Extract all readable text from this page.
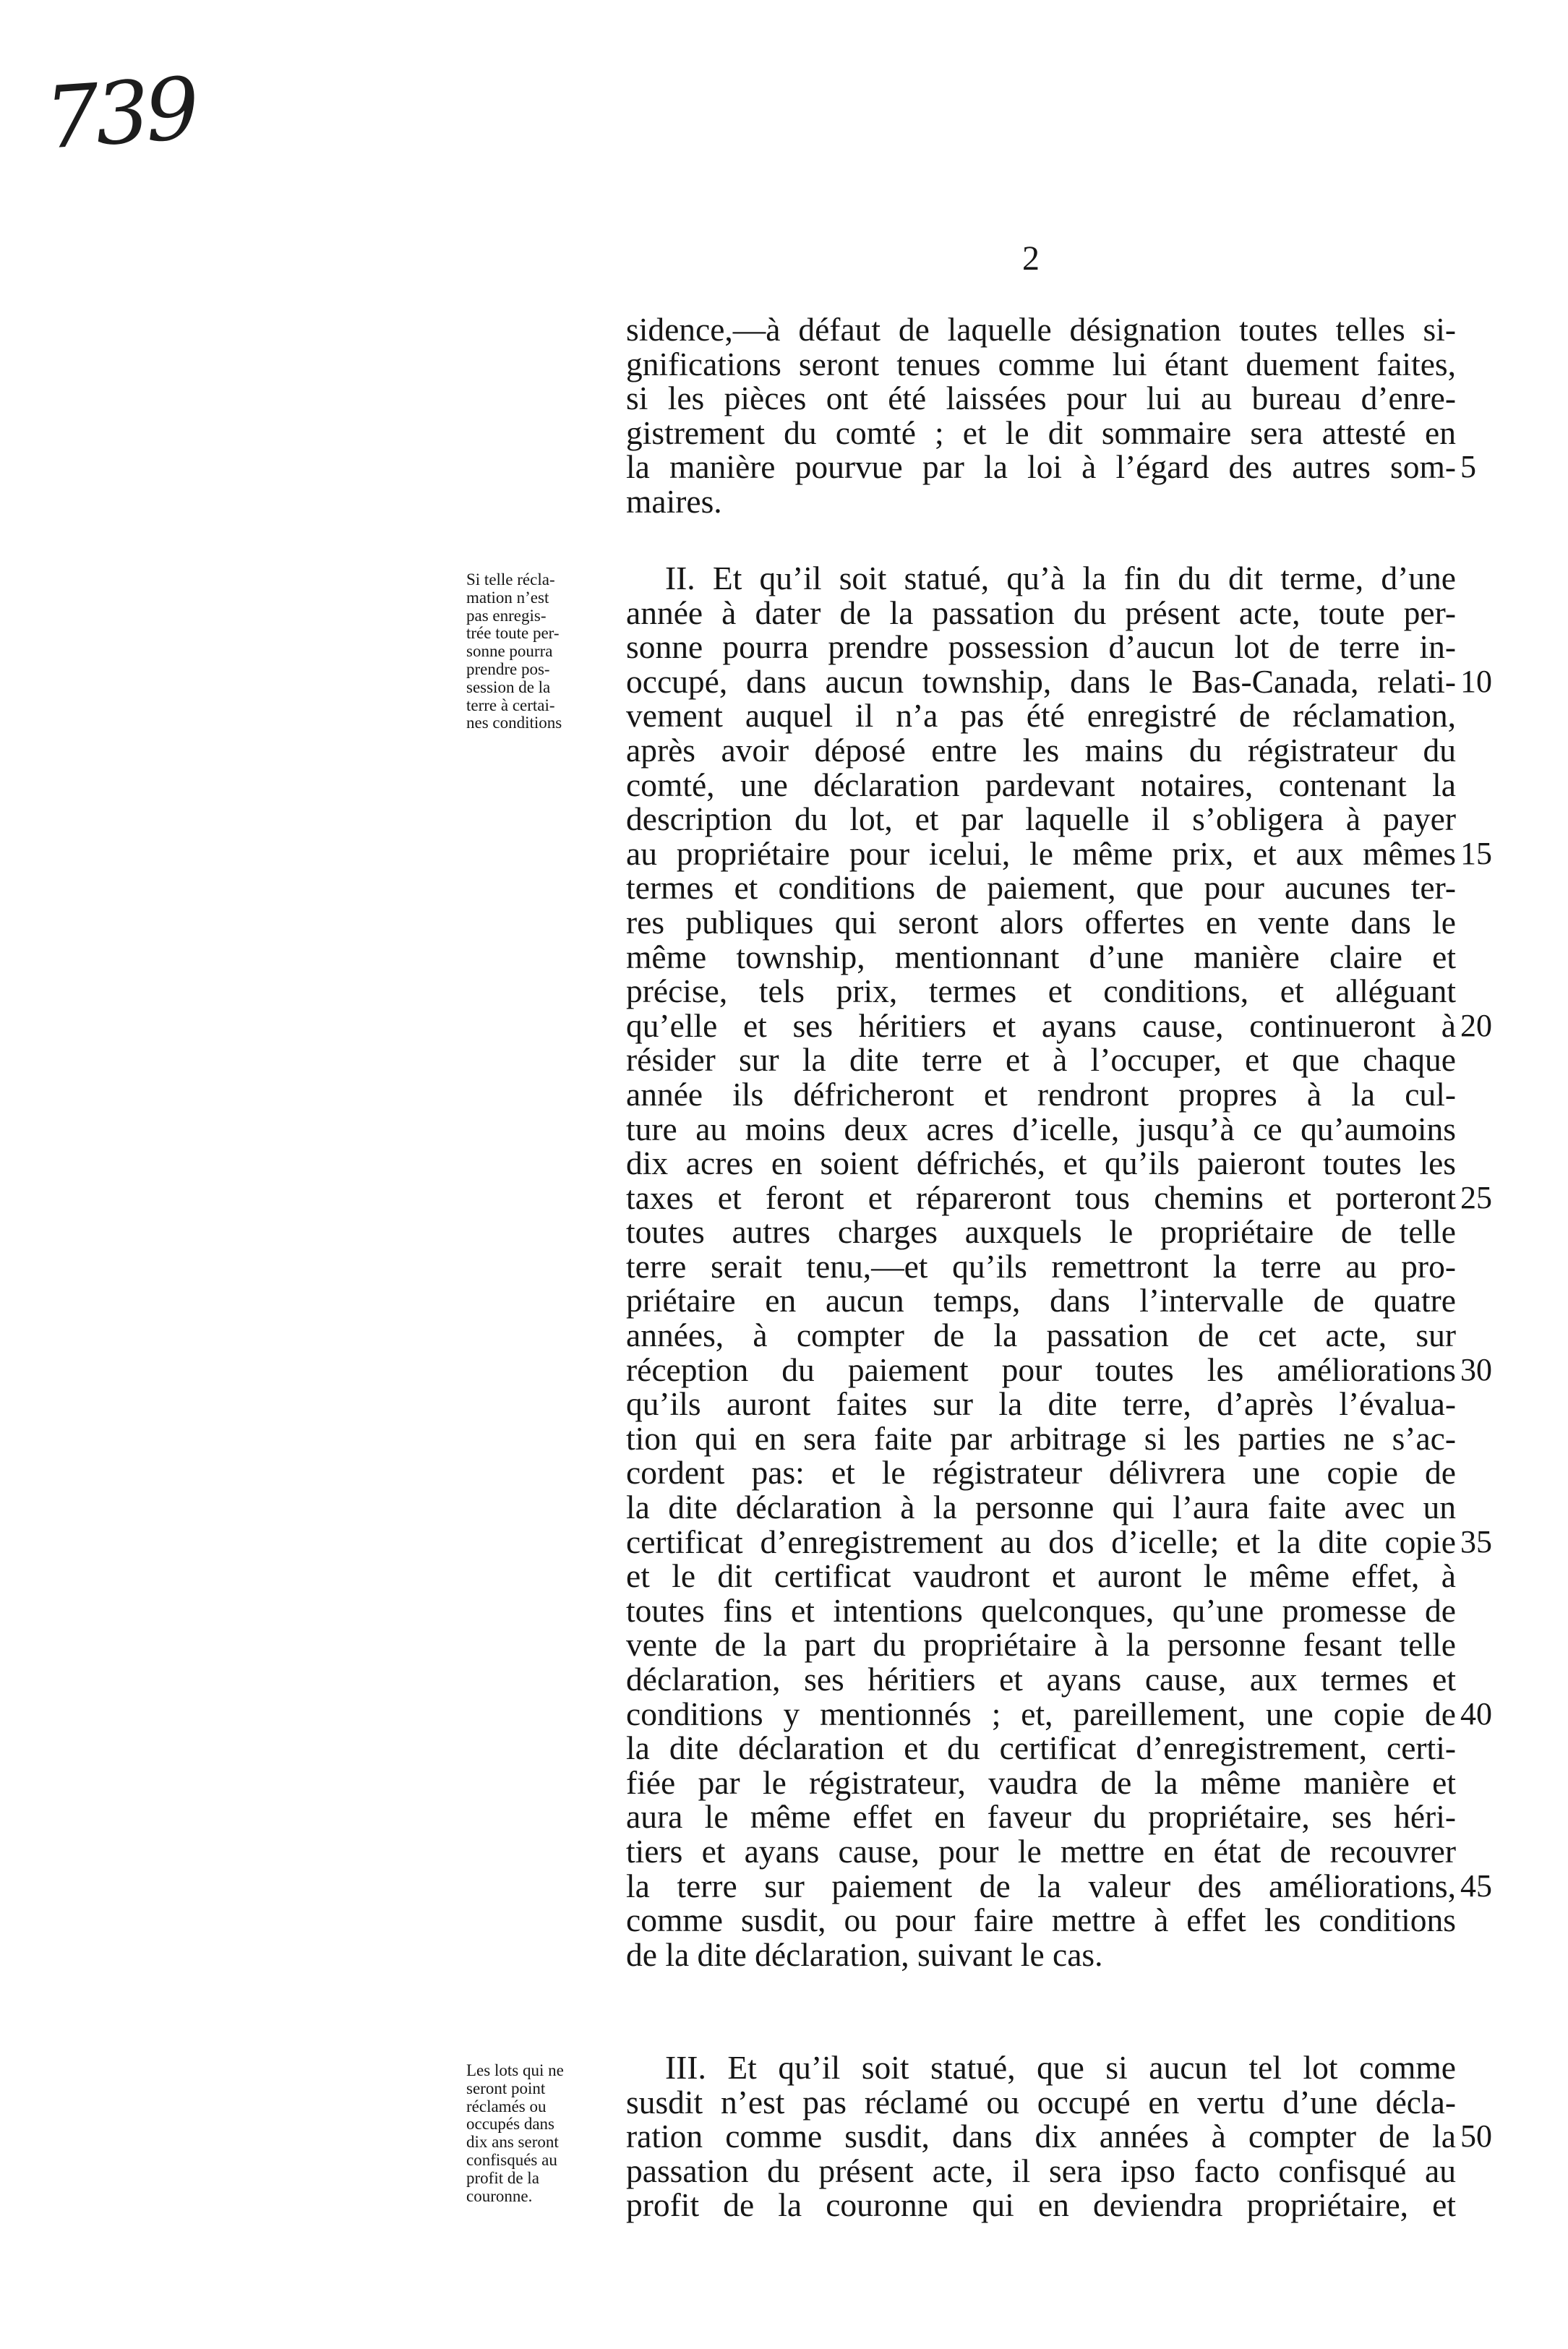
739
2
sidence,—à défaut de laquelle désignation toutes telles si-
gnifications seront tenues comme lui étant duement faites,
si les pièces ont été laissées pour lui au bureau d’enre-
gistrement du comté ; et le dit sommaire sera attesté en
la manière pourvue par la loi à l’égard des autres som-
maires.
Si telle récla-
mation n’est
pas enregis-
trée toute per-
sonne pourra
prendre pos-
session de la
terre à certai-
nes conditions
II. Et qu’il soit statué, qu’à la fin du dit terme, d’une
année à dater de la passation du présent acte, toute per-
sonne pourra prendre possession d’aucun lot de terre in-
occupé, dans aucun township, dans le Bas-Canada, relati-
vement auquel il n’a pas été enregistré de réclamation,
après avoir déposé entre les mains du régistrateur du
comté, une déclaration pardevant notaires, contenant la
description du lot, et par laquelle il s’obligera à payer
au propriétaire pour icelui, le même prix, et aux mêmes
termes et conditions de paiement, que pour aucunes ter-
res publiques qui seront alors offertes en vente dans le
même township, mentionnant d’une manière claire et
précise, tels prix, termes et conditions, et alléguant
qu’elle et ses héritiers et ayans cause, continueront à
résider sur la dite terre et à l’occuper, et que chaque
année ils défricheront et rendront propres à la cul-
ture au moins deux acres d’icelle, jusqu’à ce qu’aumoins
dix acres en soient défrichés, et qu’ils paieront toutes les
taxes et feront et répareront tous chemins et porteront
toutes autres charges auxquels le propriétaire de telle
terre serait tenu,—et qu’ils remettront la terre au pro-
priétaire en aucun temps, dans l’intervalle de quatre
années, à compter de la passation de cet acte, sur
réception du paiement pour toutes les améliorations
qu’ils auront faites sur la dite terre, d’après l’évalua-
tion qui en sera faite par arbitrage si les parties ne s’ac-
cordent pas: et le régistrateur délivrera une copie de
la dite déclaration à la personne qui l’aura faite avec un
certificat d’enregistrement au dos d’icelle; et la dite copie
et le dit certificat vaudront et auront le même effet, à
toutes fins et intentions quelconques, qu’une promesse de
vente de la part du propriétaire à la personne fesant telle
déclaration, ses héritiers et ayans cause, aux termes et
conditions y mentionnés ; et, pareillement, une copie de
la dite déclaration et du certificat d’enregistrement, certi-
fiée par le régistrateur, vaudra de la même manière et
aura le même effet en faveur du propriétaire, ses héri-
tiers et ayans cause, pour le mettre en état de recouvrer
la terre sur paiement de la valeur des améliorations,
comme susdit, ou pour faire mettre à effet les conditions
de la dite déclaration, suivant le cas.
Les lots qui ne
seront point
réclamés ou
occupés dans
dix ans seront
confisqués au
profit de la
couronne.
III. Et qu’il soit statué, que si aucun tel lot comme
susdit n’est pas réclamé ou occupé en vertu d’une décla-
ration comme susdit, dans dix années à compter de la
passation du présent acte, il sera ipso facto confisqué au
profit de la couronne qui en deviendra propriétaire, et
5
10
15
20
25
30
35
40
45
50
